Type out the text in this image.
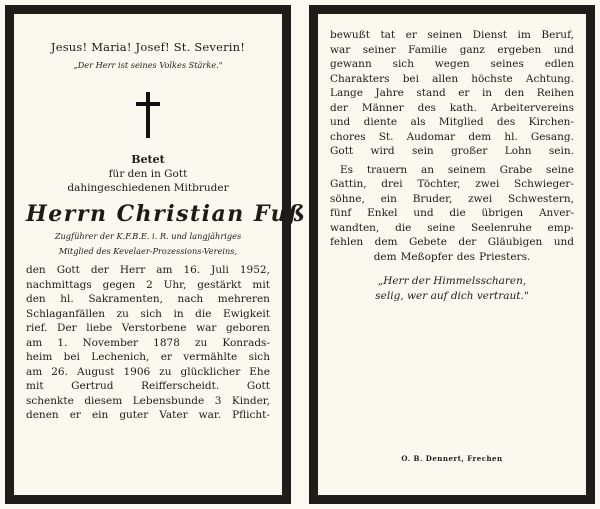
Jesus! Maria! Josef! St. Severin!
„Der Herr ist seines Volkes Stärke."
Betet
für den in Gott
dahingeschiedenen Mitbruder
Herrn Christian Fuß
Zugführer der K.F.B.E. i. R. und langjähriges
Mitglied des Kevelaer-Prozessions-Vereins,
den Gott der Herr am 16. Juli 1952,
nachmittags gegen 2 Uhr, gestärkt mit
den hl. Sakramenten, nach mehreren
Schlaganfällen zu sich in die Ewigkeit
rief. Der liebe Verstorbene war geboren
am 1. November 1878 zu Konrads-
heim bei Lechenich, er vermählte sich
am 26. August 1906 zu glücklicher Ehe
mit	Gertrud	Reifferscheidt.	Gott
schenkte diesem Lebensbunde 3 Kinder,
denen er ein guter Vater war. Pflicht-
bewußt tat er seinen Dienst im Beruf,
war seiner Familie ganz ergeben und
gewann sich wegen seines edlen
Charakters bei allen höchste Achtung.
Lange Jahre stand er in den Reihen
der Männer des kath. Arbeitervereins
und diente als Mitglied des Kirchen-
chores St. Audomar dem hl. Gesang.
Gott wird sein großer Lohn sein.
Es trauern an seinem Grabe seine
Gattin, drei Töchter, zwei Schwieger-
söhne, ein Bruder, zwei Schwestern,
fünf Enkel und die übrigen Anver-
wandten, die seine Seelenruhe emp-
fehlen dem Gebete der Gläubigen und
dem Meßopfer des Priesters.
„Herr der Himmelsscharen,
selig, wer auf dich vertraut."
O. B. Dennert, Frechen
